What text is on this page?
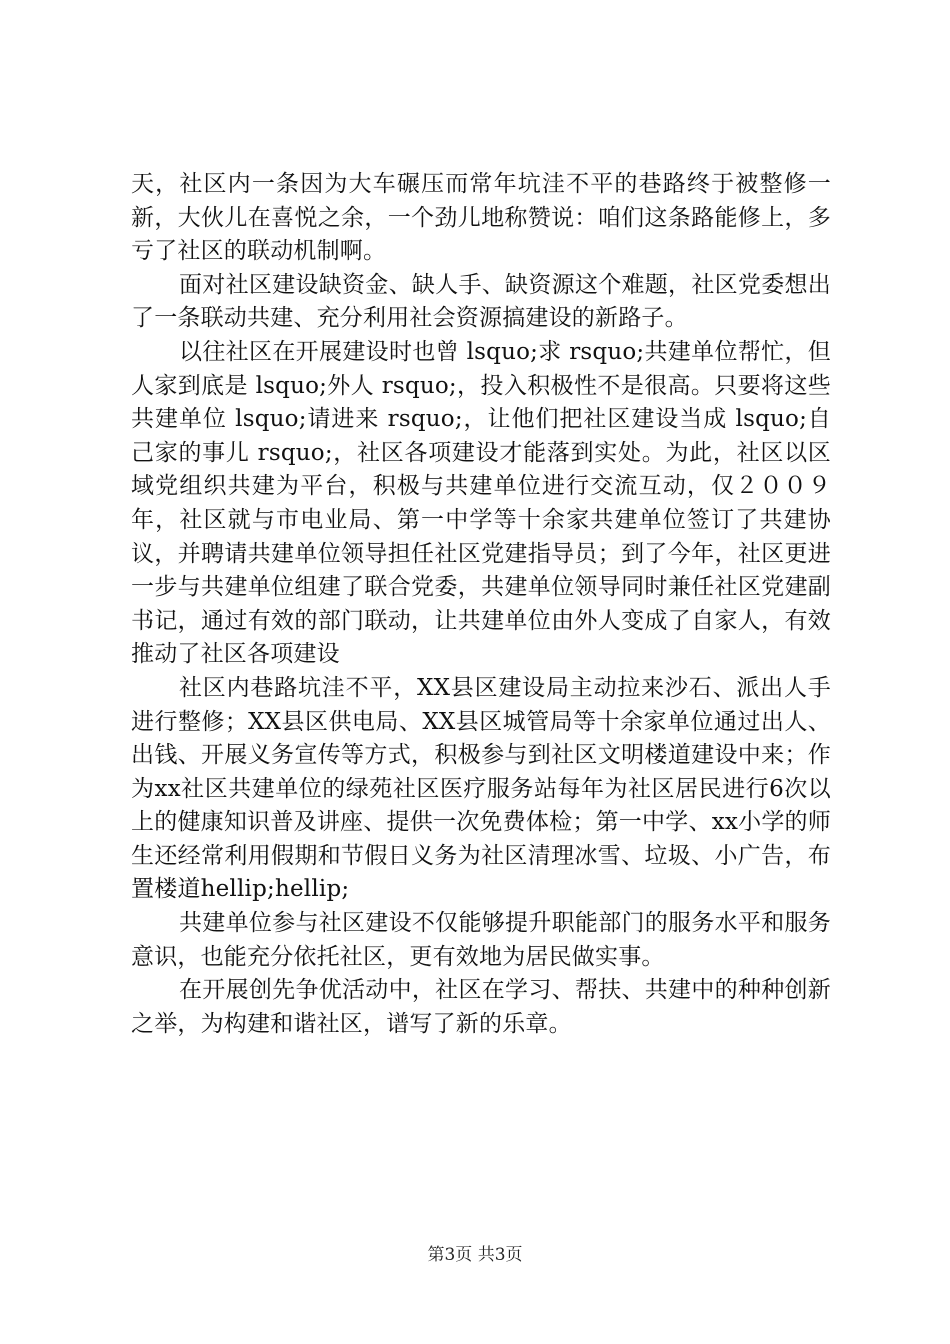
天，社区内一条因为大车碾压而常年坑洼不平的巷路终于被整修一新，大伙儿在喜悦之余，一个劲儿地称赞说：咱们这条路能修上，多亏了社区的联动机制啊。

面对社区建设缺资金、缺人手、缺资源这个难题，社区党委想出了一条联动共建、充分利用社会资源搞建设的新路子。

以往社区在开展建设时也曾 lsquo;求 rsquo;共建单位帮忙，但人家到底是 lsquo;外人 rsquo;，投入积极性不是很高。只要将这些共建单位 lsquo;请进来 rsquo;，让他们把社区建设当成 lsquo;自己家的事儿 rsquo;，社区各项建设才能落到实处。为此，社区以区域党组织共建为平台，积极与共建单位进行交流互动，仅２００９年，社区就与市电业局、第一中学等十余家共建单位签订了共建协议，并聘请共建单位领导担任社区党建指导员；到了今年，社区更进一步与共建单位组建了联合党委，共建单位领导同时兼任社区党建副书记，通过有效的部门联动，让共建单位由外人变成了自家人，有效推动了社区各项建设

社区内巷路坑洼不平，XX县区建设局主动拉来沙石、派出人手进行整修；XX县区供电局、XX县区城管局等十余家单位通过出人、出钱、开展义务宣传等方式，积极参与到社区文明楼道建设中来；作为xx社区共建单位的绿苑社区医疗服务站每年为社区居民进行6次以上的健康知识普及讲座、提供一次免费体检；第一中学、xx小学的师生还经常利用假期和节假日义务为社区清理冰雪、垃圾、小广告，布置楼道hellip;hellip;

共建单位参与社区建设不仅能够提升职能部门的服务水平和服务意识，也能充分依托社区，更有效地为居民做实事。

在开展创先争优活动中，社区在学习、帮扶、共建中的种种创新之举，为构建和谐社区，谱写了新的乐章。

第3页 共3页
